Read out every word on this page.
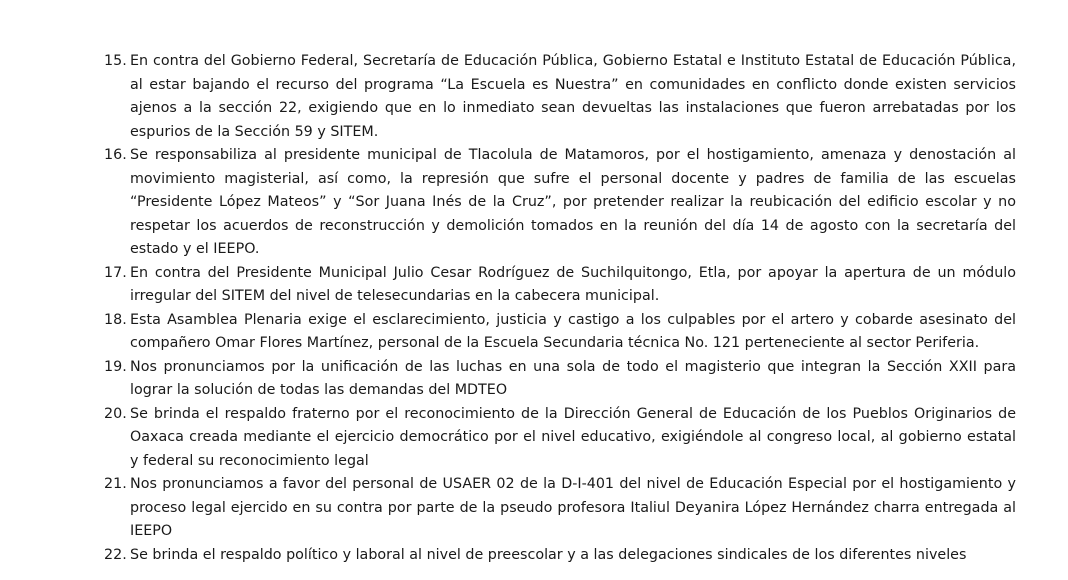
15. En contra del Gobierno Federal, Secretaría de Educación Pública, Gobierno Estatal e Instituto Estatal de Educación Pública, al estar bajando el recurso del programa “La Escuela es Nuestra” en comunidades en conflicto donde existen servicios ajenos a la sección 22, exigiendo que en lo inmediato sean devueltas las instalaciones que fueron arrebatadas por los espurios de la Sección 59 y SITEM.
16. Se responsabiliza al presidente municipal de Tlacolula de Matamoros, por el hostigamiento, amenaza y denostación al movimiento magisterial, así como, la represión que sufre el personal docente y padres de familia de las escuelas “Presidente López Mateos” y “Sor Juana Inés de la Cruz”, por pretender realizar la reubicación del edificio escolar y no respetar los acuerdos de reconstrucción y demolición tomados en la reunión del día 14 de agosto con la secretaría del estado y el IEEPO.
17. En contra del Presidente Municipal Julio Cesar Rodríguez de Suchilquitongo, Etla, por apoyar la apertura de un módulo irregular del SITEM del nivel de telesecundarias en la cabecera municipal.
18. Esta Asamblea Plenaria exige el esclarecimiento, justicia y castigo a los culpables por el artero y cobarde asesinato del compañero Omar Flores Martínez, personal de la Escuela Secundaria técnica No. 121 perteneciente al sector Periferia.
19. Nos pronunciamos por la unificación de las luchas en una sola de todo el magisterio que integran la Sección XXII para lograr la solución de todas las demandas del MDTEO
20. Se brinda el respaldo fraterno por el reconocimiento de la Dirección General de Educación de los Pueblos Originarios de Oaxaca creada mediante el ejercicio democrático por el nivel educativo, exigiéndole al congreso local, al gobierno estatal y federal su reconocimiento legal
21. Nos pronunciamos a favor del personal de USAER 02 de la D-I-401 del nivel de Educación Especial por el hostigamiento y proceso legal ejercido en su contra por parte de la pseudo profesora Italiul Deyanira López Hernández charra entregada al IEEPO
22. Se brinda el respaldo político y laboral al nivel de preescolar y a las delegaciones sindicales de los diferentes niveles
